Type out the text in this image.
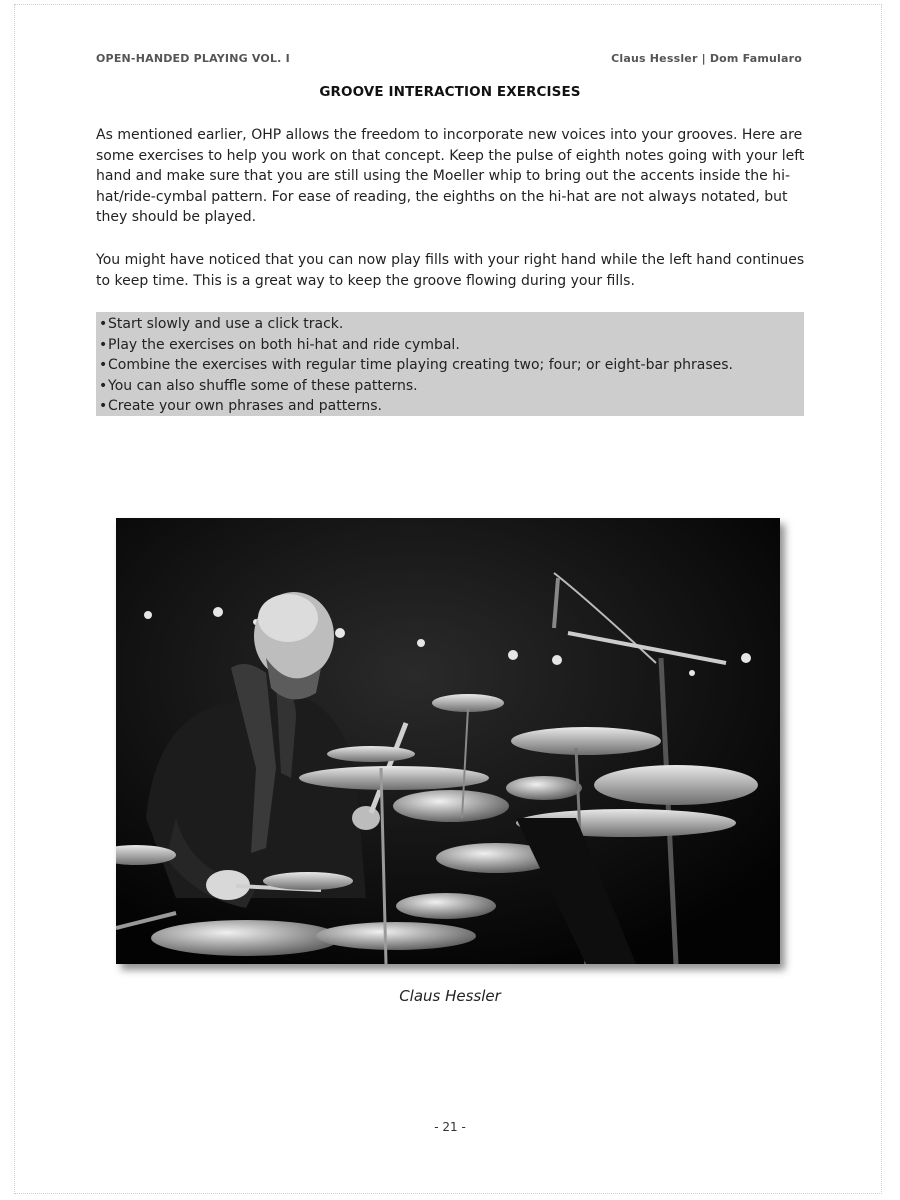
OPEN-HANDED PLAYING VOL. I	Claus Hessler | Dom Famularo
GROOVE INTERACTION EXERCISES

As mentioned earlier, OHP allows the freedom to incorporate new voices into your grooves. Here are some exercises to help you work on that concept. Keep the pulse of eighth notes going with your left hand and make sure that you are still using the Moeller whip to bring out the accents inside the hi-hat/ride-cymbal pattern. For ease of reading, the eighths on the hi-hat are not always notated, but they should be played.

You might have noticed that you can now play fills with your right hand while the left hand continues to keep time. This is a great way to keep the groove flowing during your fills.

•Start slowly and use a click track.
•Play the exercises on both hi-hat and ride cymbal.
•Combine the exercises with regular time playing creating two; four; or eight-bar phrases.
•You can also shuffle some of these patterns.
•Create your own phrases and patterns.
Claus Hessler
- 21 -
